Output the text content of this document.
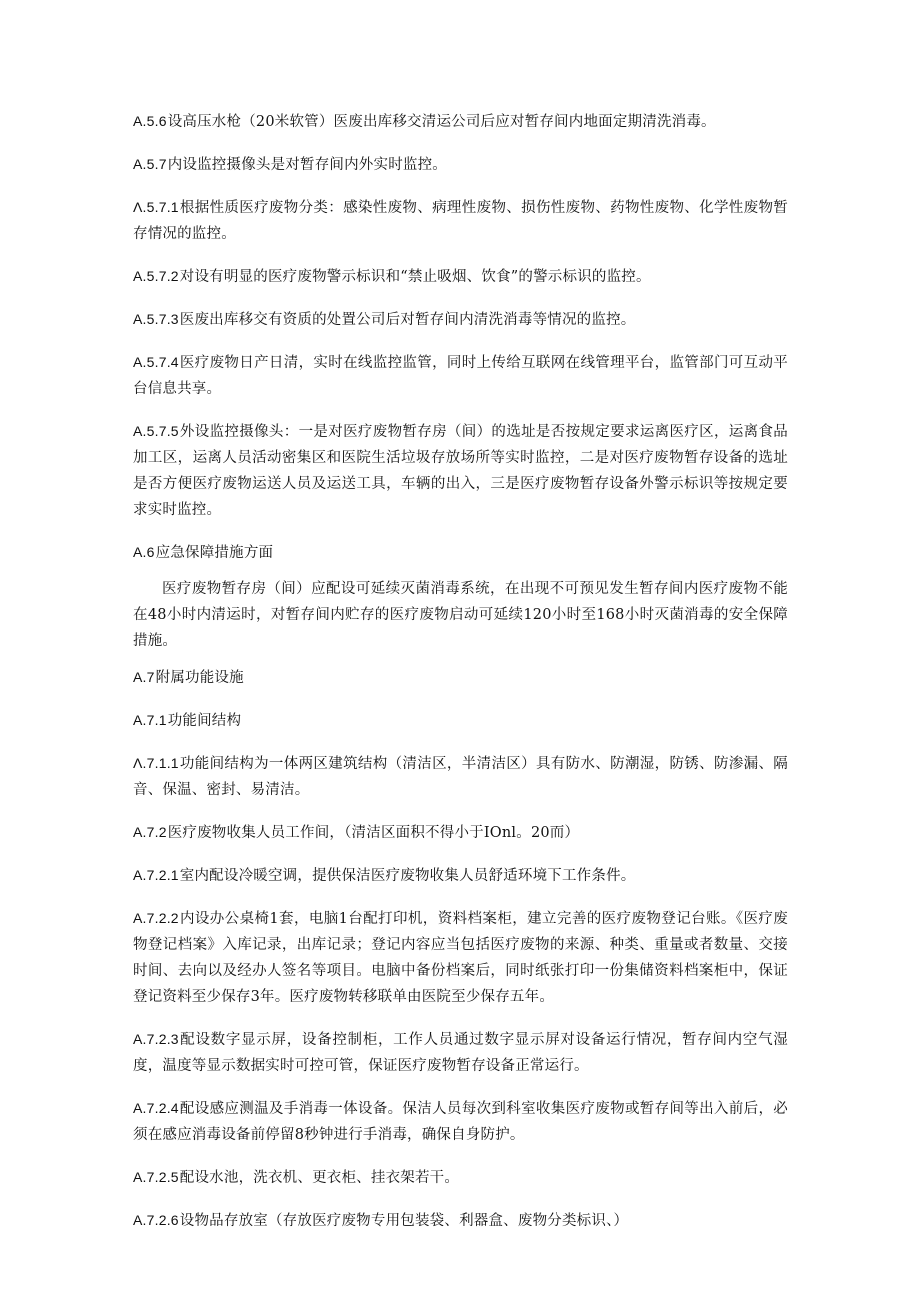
A.5.6设高压水枪（20米软管）医废出库移交清运公司后应对暂存间内地面定期清洗消毒。

A.5.7内设监控摄像头是对暂存间内外实时监控。

Λ.5.7.1根据性质医疗废物分类：感染性废物、病理性废物、损伤性废物、药物性废物、化学性废物暂存情况的监控。

A.5.7.2对设有明显的医疗废物警示标识和“禁止吸烟、饮食”的警示标识的监控。

A.5.7.3医废出库移交有资质的处置公司后对暂存间内清洗消毒等情况的监控。

A.5.7.4医疗废物日产日清，实时在线监控监管，同时上传给互联网在线管理平台，监管部门可互动平台信息共享。

A.5.7.5外设监控摄像头：一是对医疗废物暂存房（间）的选址是否按规定要求运离医疗区，运离食品加工区，运离人员活动密集区和医院生活垃圾存放场所等实时监控，二是对医疗废物暂存设备的选址是否方便医疗废物运送人员及运送工具，车辆的出入，三是医疗废物暂存设备外警示标识等按规定要求实时监控。

A.6应急保障措施方面

医疗废物暂存房（间）应配设可延续灭菌消毒系统，在出现不可预见发生暂存间内医疗废物不能在48小时内清运时，对暂存间内贮存的医疗废物启动可延续120小时至168小时灭菌消毒的安全保障措施。

A.7附属功能设施

A.7.1功能间结构

Λ.7.1.1功能间结构为一体两区建筑结构（清洁区，半清洁区）具有防水、防潮湿，防锈、防渗漏、隔音、保温、密封、易清洁。

A.7.2医疗废物收集人员工作间，（清洁区面积不得小于IOnl。20而）

A.7.2.1室内配设冷暖空调，提供保洁医疗废物收集人员舒适环境下工作条件。

A.7.2.2内设办公桌椅1套，电脑1台配打印机，资料档案柜，建立完善的医疗废物登记台账。《医疗废物登记档案》入库记录，出库记录；登记内容应当包括医疗废物的来源、种类、重量或者数量、交接时间、去向以及经办人签名等项目。电脑中备份档案后，同时纸张打印一份集储资料档案柜中，保证登记资料至少保存3年。医疗废物转移联单由医院至少保存五年。

A.7.2.3配设数字显示屏，设备控制柜，工作人员通过数字显示屏对设备运行情况，暂存间内空气湿度，温度等显示数据实时可控可管，保证医疗废物暂存设备正常运行。

A.7.2.4配设感应测温及手消毒一体设备。保洁人员每次到科室收集医疗废物或暂存间等出入前后，必须在感应消毒设备前停留8秒钟进行手消毒，确保自身防护。

A.7.2.5配设水池，洗衣机、更衣柜、挂衣架若干。

A.7.2.6设物品存放室（存放医疗废物专用包装袋、利器盒、废物分类标识、）
